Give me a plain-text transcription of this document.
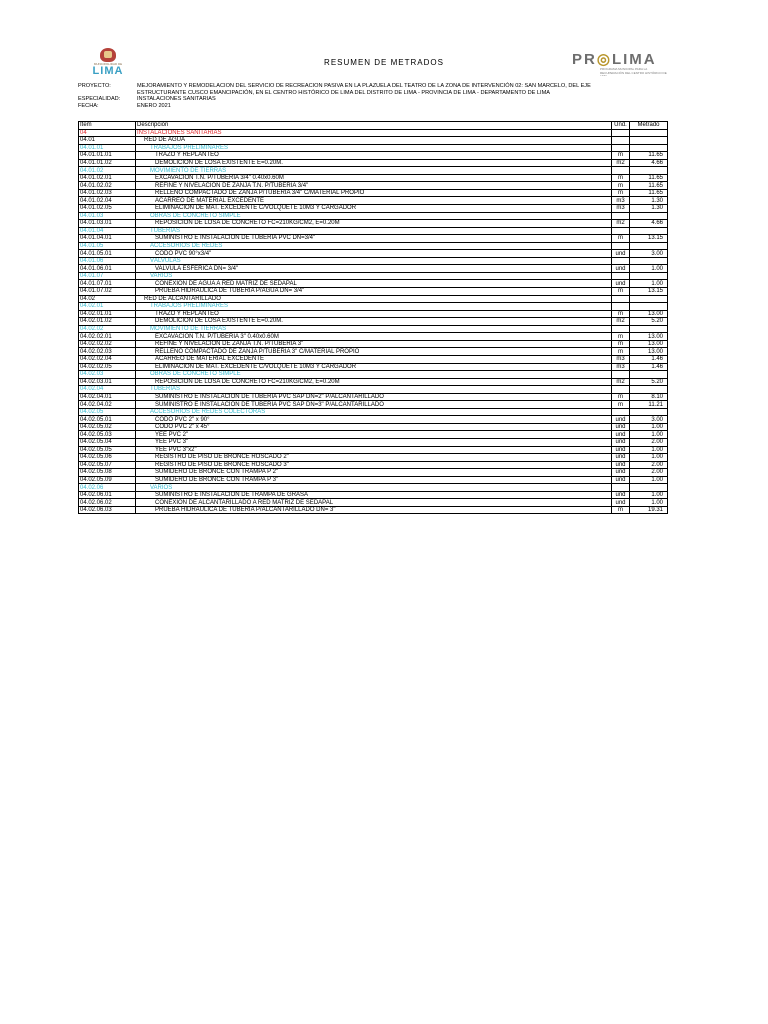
MUNICIPALIDAD DE
LIMA
RESUMEN DE METRADOS	PR◎LIMA
PROGRAMA MUNICIPAL PARA LA RECUPERACIÓN DEL CENTRO HISTÓRICO DE LIMA
PROYECTO:	MEJORAMIENTO Y REMODELACION DEL SERVICIO DE RECREACION PASIVA EN LA PLAZUELA DEL TEATRO DE LA ZONA DE INTERVENCIÓN 02: SAN MARCELO, DEL EJE
ESTRUCTURANTE CUSCO EMANCIPACIÓN, EN EL CENTRO HISTÓRICO DE LIMA DEL DISTRITO DE LIMA - PROVINCIA DE LIMA - DEPARTAMENTO DE LIMA
ESPECIALIDAD:	INSTALACIONES SANITARIAS
FECHA:	ENERO 2021
Ítem	Descripción	Und.	Metrado
04	INSTALACIONES SANITARIAS		
04.01	RED DE AGUA		
04.01.01	TRABAJOS PRELIMINARES		
04.01.01.01	TRAZO Y REPLANTEO	m	11.65
04.01.01.02	DEMOLICIÓN DE LOSA EXISTENTE E=0.20M.	m2	4.66
04.01.02	MOVIMIENTO DE TIERRAS		
04.01.02.01	EXCAVACIÓN T.N. P/TUBERIA 3/4" 0.40x0.60M	m	11.65
04.01.02.02	REFINE Y NIVELACIÓN DE ZANJA T.N. P/TUBERIA 3/4"	m	11.65
04.01.02.03	RELLENO COMPACTADO DE ZANJA P/TUBERIA 3/4" C/MATERIAL PROPIO	m	11.65
04.01.02.04	ACARREO DE MATERIAL EXCEDENTE	m3	1.30
04.01.02.05	ELIMINACIÓN DE MAT. EXCEDENTE C/VOLQUETE 10M3 Y CARGADOR	m3	1.30
04.01.03	OBRAS DE CONCRETO SIMPLE		
04.01.03.01	REPOSICIÓN DE LOSA DE CONCRETO FC=210KG/CM2, E=0.20M	m2	4.66
04.01.04	TUBERÍAS		
04.01.04.01	SUMINISTRO E INSTALACIÓN DE TUBERÍA PVC DN=3/4"	m	13.15
04.01.05	ACCESORIOS DE REDES		
04.01.05.01	CODO PVC 90°x3/4"	und	3.00
04.01.06	VÁLVULAS		
04.01.06.01	VALVULA ESFERICA DN= 3/4"	und	1.00
04.01.07	VARIOS		
04.01.07.01	CONEXIÓN DE AGUA A RED MATRIZ DE SEDAPAL	und	1.00
04.01.07.02	PRUEBA HIDRÁULICA DE TUBERÍA P/AGUA DN= 3/4"	m	13.15
04.02	RED DE ALCANTARILLADO		
04.02.01	TRABAJOS PRELIMINARES		
04.02.01.01	TRAZO Y REPLANTEO	m	13.00
04.02.01.02	DEMOLICIÓN DE LOSA EXISTENTE E=0.20M.	m2	5.20
04.02.02	MOVIMIENTO DE TIERRAS		
04.02.02.01	EXCAVACIÓN T.N. P/TUBERIA 3" 0.40x0.60M	m	13.00
04.02.02.02	REFINE Y NIVELACIÓN DE ZANJA T.N. P/TUBERIA 3"	m	13.00
04.02.02.03	RELLENO COMPACTADO DE ZANJA P/TUBERIA 3" C/MATERIAL PROPIO	m	13.00
04.02.02.04	ACARREO DE MATERIAL EXCEDENTE	m3	1.46
04.02.02.05	ELIMINACIÓN DE MAT. EXCEDENTE C/VOLQUETE 10M3 Y CARGADOR	m3	1.46
04.02.03	OBRAS DE CONCRETO SIMPLE		
04.02.03.01	REPOSICIÓN DE LOSA DE CONCRETO FC=210KG/CM2, E=0.20M	m2	5.20
04.02.04	TUBERÍAS		
04.02.04.01	SUMINISTRO E INSTALACIÓN DE TUBERÍA PVC SAP DN=2" P/ALCANTARILLADO	m	8.10
04.02.04.02	SUMINISTRO E INSTALACIÓN DE TUBERÍA PVC SAP DN=3" P/ALCANTARILLADO	m	11.21
04.02.05	ACCESORIOS DE REDES COLECTORAS		
04.02.05.01	CODO PVC 2" x 90°	und	3.00
04.02.05.02	CODO PVC 2" x 45°	und	1.00
04.02.05.03	YEE PVC 2"	und	1.00
04.02.05.04	YEE PVC 3"	und	2.00
04.02.05.05	YEE PVC 3"x2"	und	1.00
04.02.05.06	REGISTRO DE PISO DE BRONCE ROSCADO 2"	und	1.00
04.02.05.07	REGISTRO DE PISO DE BRONCE ROSCADO 3"	und	2.00
04.02.05.08	SUMIDERO DE BRONCE CON TRAMPA P 2"	und	2.00
04.02.05.09	SUMIDERO DE BRONCE CON TRAMPA P 3"	und	1.00
04.02.06	VARIOS		
04.02.06.01	SUMINISTRO E INSTALACIÓN DE TRAMPA DE GRASA	und	1.00
04.02.06.02	CONEXIÓN DE ALCANTARILLADO A RED MATRIZ DE SEDAPAL	und	1.00
04.02.06.03	PRUEBA HIDRÁULICA DE TUBERÍA P/ALCANTARILLADO DN= 3"	m	19.31
